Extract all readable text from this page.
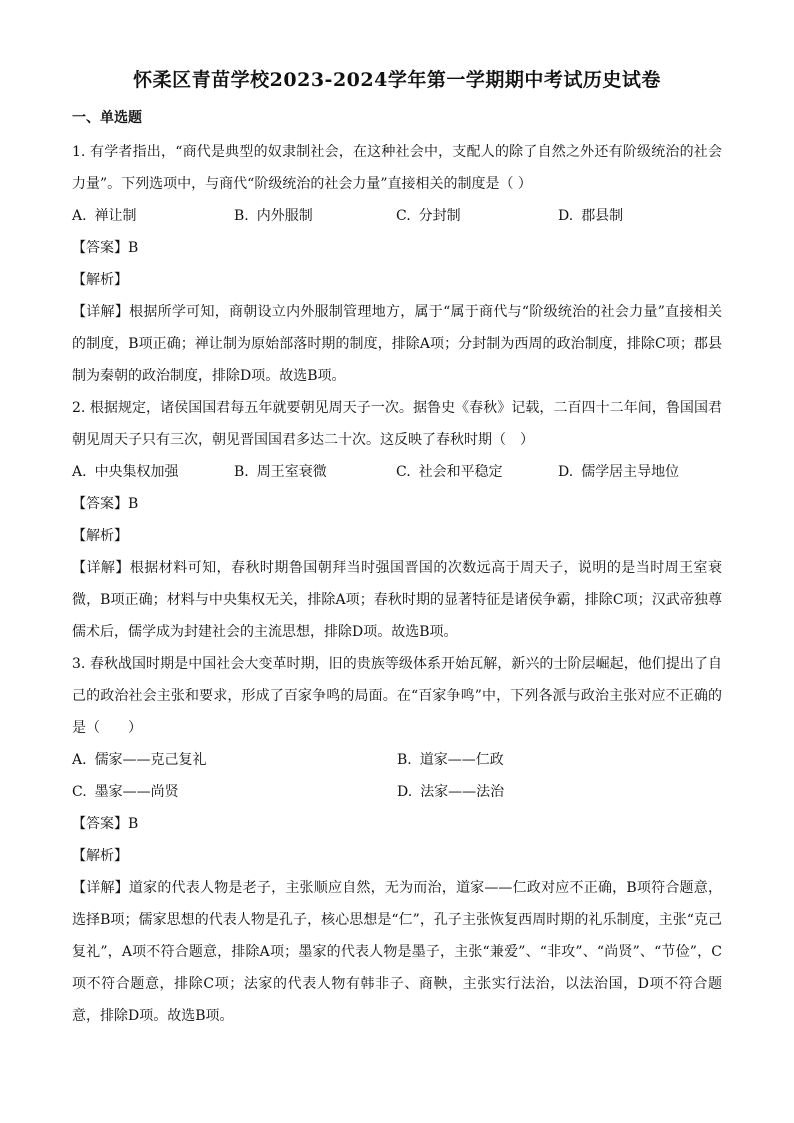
怀柔区青苗学校2023-2024学年第一学期期中考试历史试卷
一、单选题

1. 有学者指出，“商代是典型的奴隶制社会，在这种社会中，支配人的除了自然之外还有阶级统治的社会力量”。下列选项中，与商代“阶级统治的社会力量”直接相关的制度是（ ）

A. 禅让制	B. 内外服制	C. 分封制	D. 郡县制

【答案】B

【解析】

【详解】根据所学可知，商朝设立内外服制管理地方，属于“属于商代与“阶级统治的社会力量”直接相关的制度，B项正确；禅让制为原始部落时期的制度，排除A项；分封制为西周的政治制度，排除C项；郡县制为秦朝的政治制度，排除D项。故选B项。

2. 根据规定，诸侯国国君每五年就要朝见周天子一次。据鲁史《春秋》记载，二百四十二年间，鲁国国君朝见周天子只有三次，朝见晋国国君多达二十次。这反映了春秋时期（　）

A. 中央集权加强	B. 周王室衰微	C. 社会和平稳定	D. 儒学居主导地位

【答案】B

【解析】

【详解】根据材料可知，春秋时期鲁国朝拜当时强国晋国的次数远高于周天子，说明的是当时周王室衰微，B项正确；材料与中央集权无关，排除A项；春秋时期的显著特征是诸侯争霸，排除C项；汉武帝独尊儒术后，儒学成为封建社会的主流思想，排除D项。故选B项。

3. 春秋战国时期是中国社会大变革时期，旧的贵族等级体系开始瓦解，新兴的士阶层崛起，他们提出了自己的政治社会主张和要求，形成了百家争鸣的局面。在“百家争鸣”中，下列各派与政治主张对应不正确的是（　　）

A. 儒家——克己复礼	B. 道家——仁政
C. 墨家——尚贤	D. 法家——法治

【答案】B

【解析】

【详解】道家的代表人物是老子，主张顺应自然，无为而治，道家——仁政对应不正确，B项符合题意，选择B项；儒家思想的代表人物是孔子，核心思想是“仁”，孔子主张恢复西周时期的礼乐制度，主张“克己复礼”，A项不符合题意，排除A项；墨家的代表人物是墨子，主张“兼爱”、“非攻”、“尚贤”、“节俭”，C项不符合题意，排除C项；法家的代表人物有韩非子、商鞅，主张实行法治，以法治国，D项不符合题意，排除D项。故选B项。
